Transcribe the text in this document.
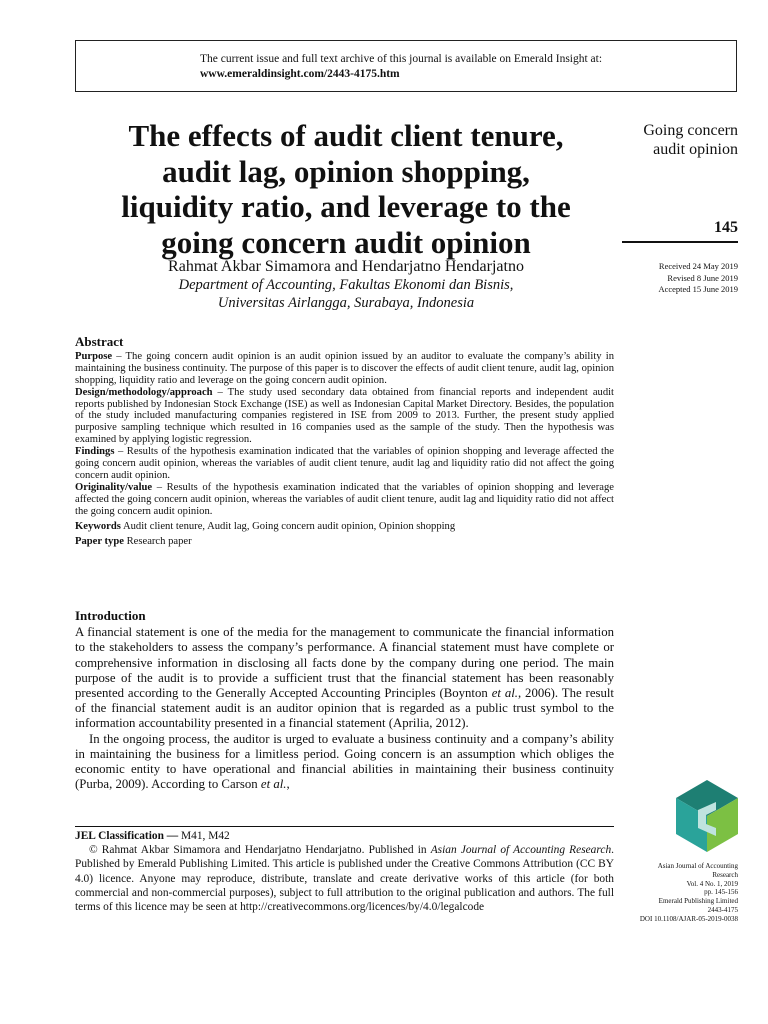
The current issue and full text archive of this journal is available on Emerald Insight at:
www.emeraldinsight.com/2443-4175.htm
The effects of audit client tenure,
audit lag, opinion shopping,
liquidity ratio, and leverage to the
going concern audit opinion
Rahmat Akbar Simamora and Hendarjatno Hendarjatno
Department of Accounting, Fakultas Ekonomi dan Bisnis,
Universitas Airlangga, Surabaya, Indonesia
Going concern
audit opinion
145
Received 24 May 2019
Revised 8 June 2019
Accepted 15 June 2019
Abstract

Purpose – The going concern audit opinion is an audit opinion issued by an auditor to evaluate the company’s ability in maintaining the business continuity. The purpose of this paper is to discover the effects of audit client tenure, audit lag, opinion shopping, liquidity ratio and leverage on the going concern audit opinion.

Design/methodology/approach – The study used secondary data obtained from financial reports and independent audit reports published by Indonesian Stock Exchange (ISE) as well as Indonesian Capital Market Directory. Besides, the population of the study included manufacturing companies registered in ISE from 2009 to 2013. Further, the present study applied purposive sampling technique which resulted in 16 companies used as the sample of the study. Then the hypothesis was examined by applying logistic regression.

Findings – Results of the hypothesis examination indicated that the variables of opinion shopping and leverage affected the going concern audit opinion, whereas the variables of audit client tenure, audit lag and liquidity ratio did not affect the going concern audit opinion.

Originality/value – Results of the hypothesis examination indicated that the variables of opinion shopping and leverage affected the going concern audit opinion, whereas the variables of audit client tenure, audit lag and liquidity ratio did not affect the going concern audit opinion.

Keywords Audit client tenure, Audit lag, Going concern audit opinion, Opinion shopping

Paper type Research paper

Introduction

A financial statement is one of the media for the management to communicate the financial information to the stakeholders to assess the company’s performance. A financial statement must have complete or comprehensive information in disclosing all facts done by the company during one period. The main purpose of the audit is to provide a sufficient trust that the financial statement has been reasonably presented according to the Generally Accepted Accounting Principles (Boynton et al., 2006). The result of the financial statement audit is an auditor opinion that is regarded as a public trust symbol to the information accountability presented in a financial statement (Aprilia, 2012).

In the ongoing process, the auditor is urged to evaluate a business continuity and a company’s ability in maintaining the business for a limitless period. Going concern is an assumption which obliges the economic entity to have operational and financial abilities in maintaining their business continuity (Purba, 2009). According to Carson et al.,

JEL Classification — M41, M42

© Rahmat Akbar Simamora and Hendarjatno Hendarjatno. Published in Asian Journal of Accounting Research. Published by Emerald Publishing Limited. This article is published under the Creative Commons Attribution (CC BY 4.0) licence. Anyone may reproduce, distribute, translate and create derivative works of this article (for both commercial and non-commercial purposes), subject to full attribution to the original publication and authors. The full terms of this licence may be seen at http://creativecommons.org/licences/by/4.0/legalcode

Asian Journal of Accounting
Research
Vol. 4 No. 1, 2019
pp. 145-156
Emerald Publishing Limited
2443-4175
DOI 10.1108/AJAR-05-2019-0038
